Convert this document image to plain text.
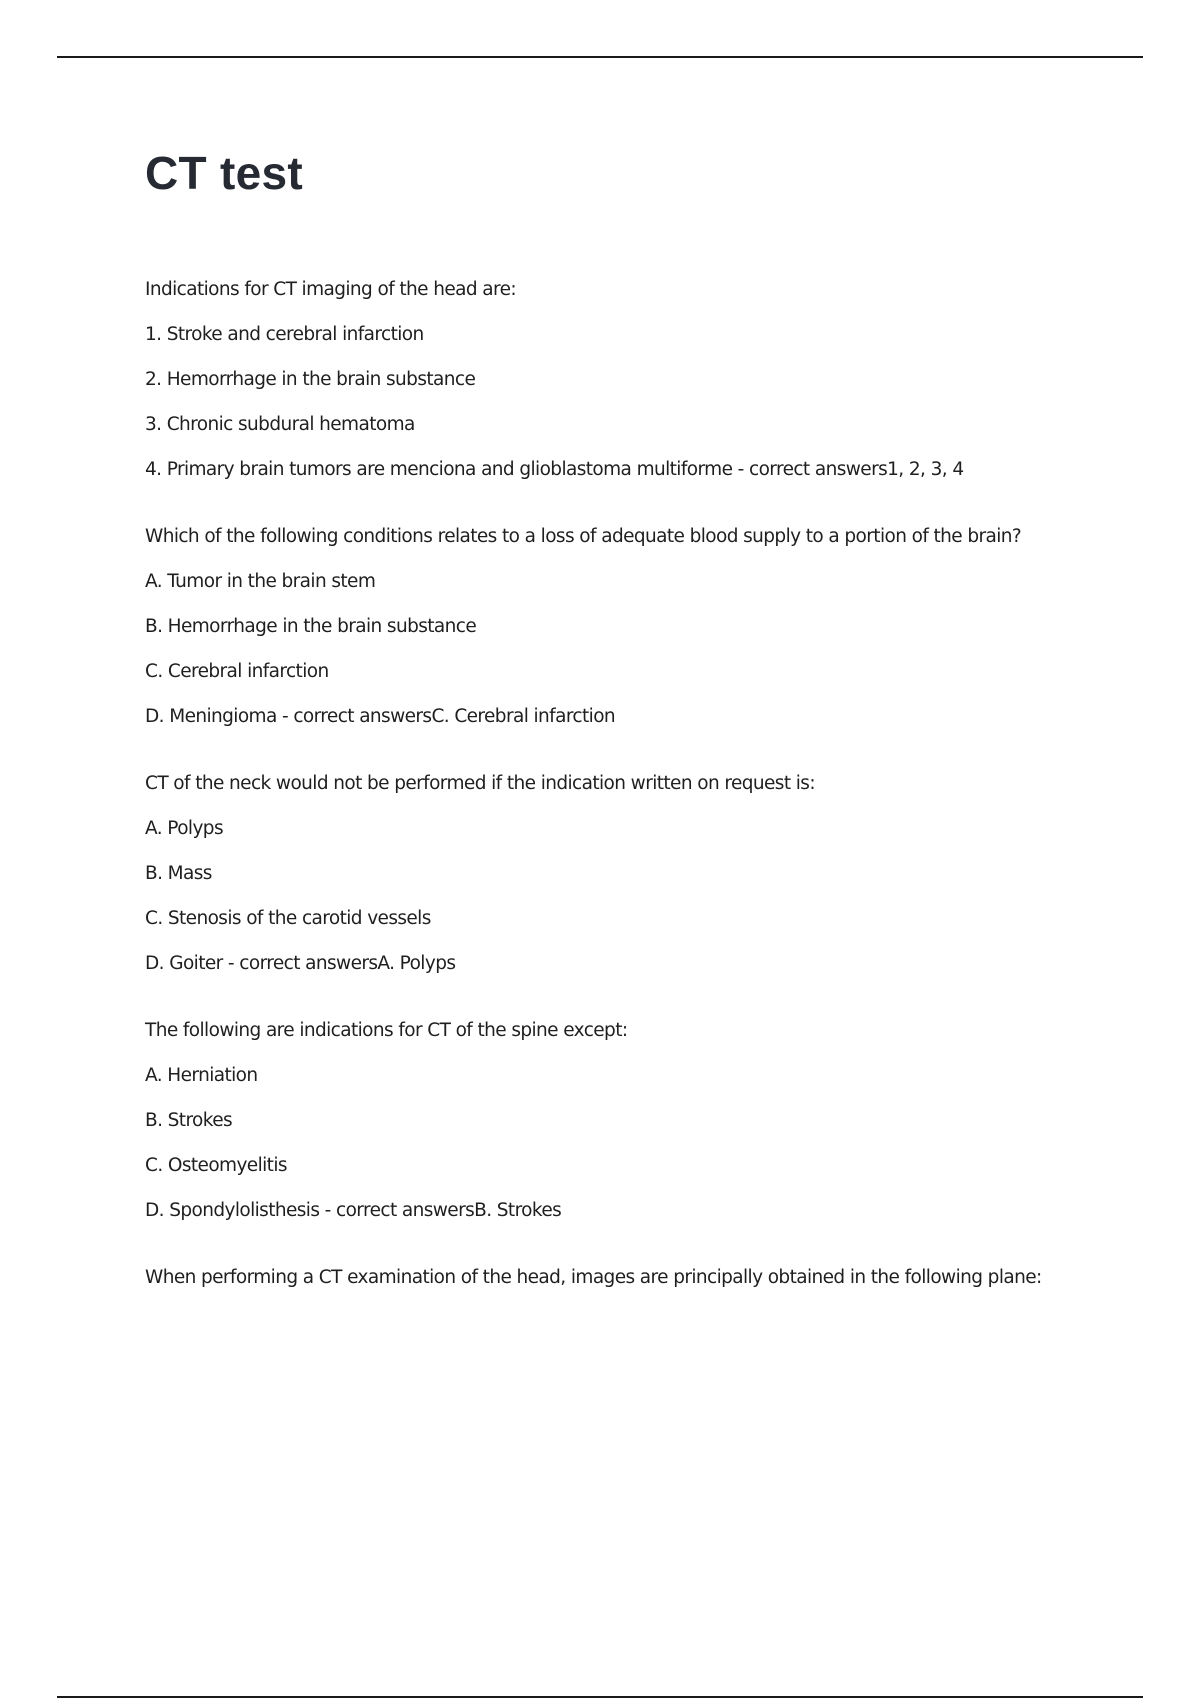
CT test

Indications for CT imaging of the head are:

1. Stroke and cerebral infarction

2. Hemorrhage in the brain substance

3. Chronic subdural hematoma

4. Primary brain tumors are menciona and glioblastoma multiforme - correct answers1, 2, 3, 4

Which of the following conditions relates to a loss of adequate blood supply to a portion of the brain?

A. Tumor in the brain stem

B. Hemorrhage in the brain substance

C. Cerebral infarction

D. Meningioma - correct answersC. Cerebral infarction

CT of the neck would not be performed if the indication written on request is:

A. Polyps

B. Mass

C. Stenosis of the carotid vessels

D. Goiter - correct answersA. Polyps

The following are indications for CT of the spine except:

A. Herniation

B. Strokes

C. Osteomyelitis

D. Spondylolisthesis - correct answersB. Strokes

When performing a CT examination of the head, images are principally obtained in the following plane:
